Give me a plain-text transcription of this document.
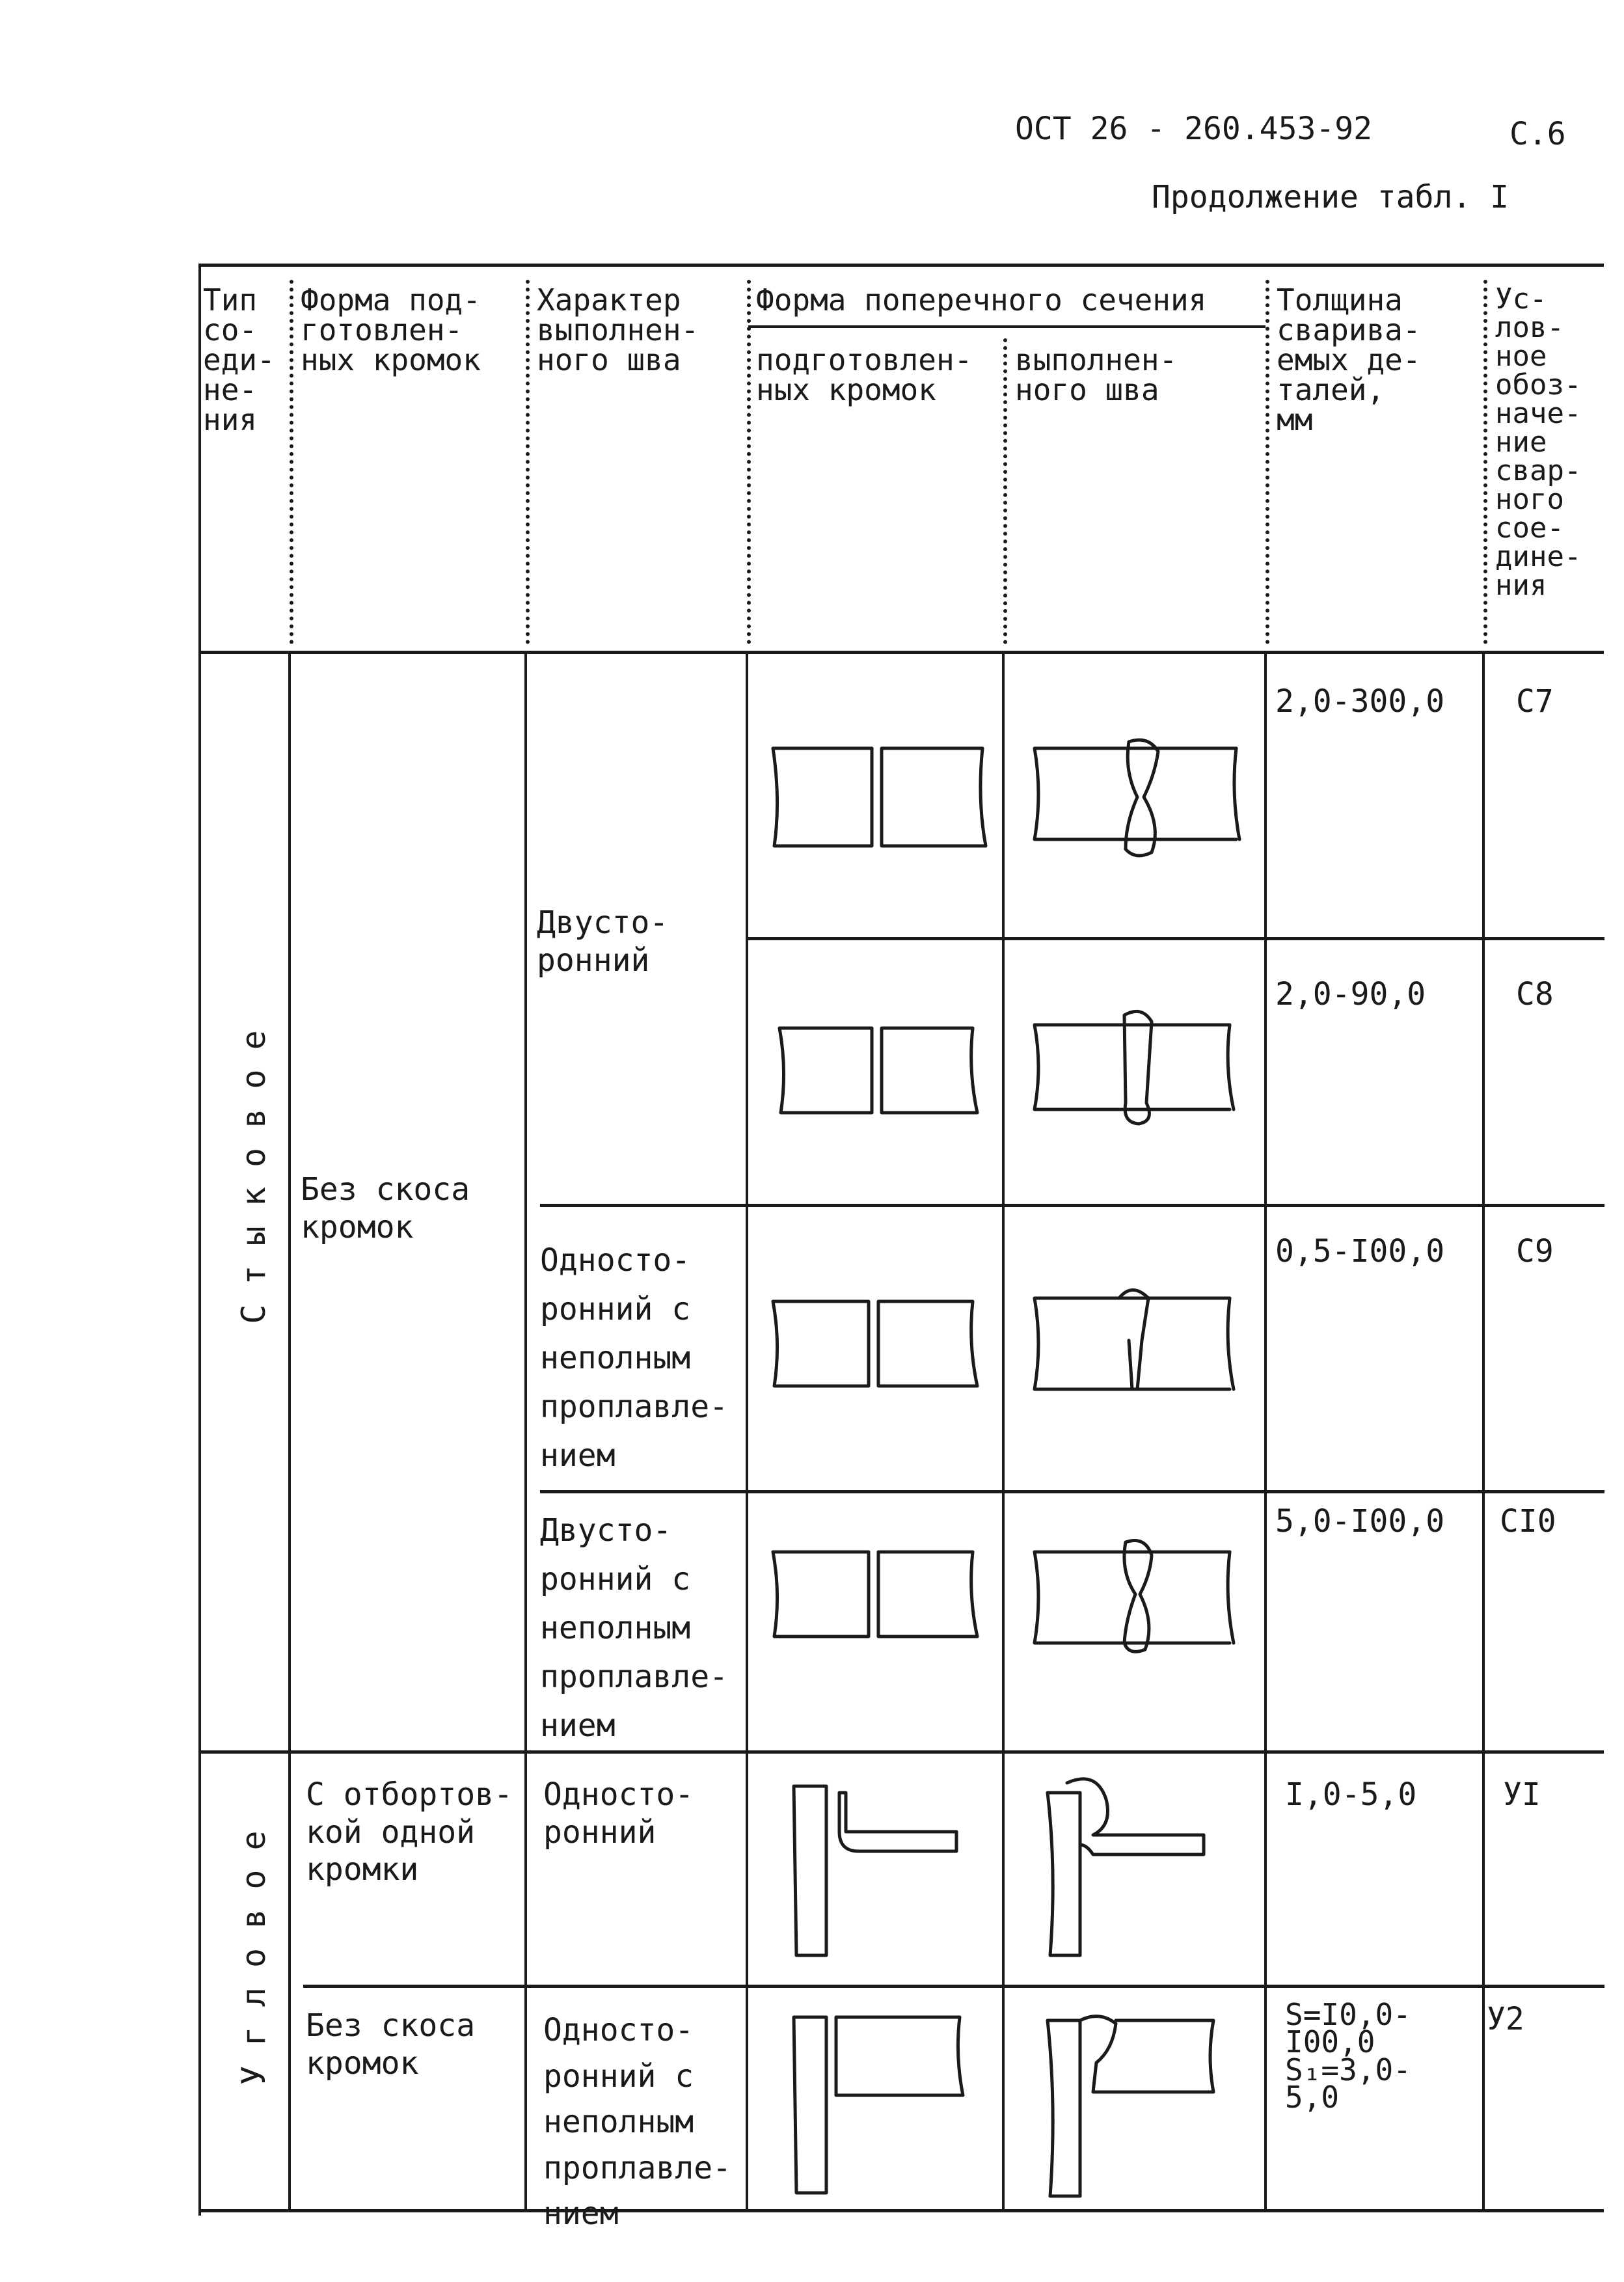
ОСТ 26 - 260.453-92	С.6
Продолжение табл. I
Тип
со-
еди-
не-
ния
Форма под-
готовлен-
ных кромок
Характер
выполнен-
ного шва
Форма поперечного сечения
подготовлен-
ных кромок
выполнен-
ного шва
Толщина
сварива-
емых де-
талей,
мм
Ус-
лов-
ное
обоз-
наче-
ние
свар-
ного
сое-
дине-
ния
С т ы к о в о е
У г л о в о е
Без скоса
кромок
С отбортов-
кой одной
кромки
Без скоса
кромок
Двусто-
ронний
Односто-
ронний с
неполным
проплавле-
нием
Двусто-
ронний с
неполным
проплавле-
нием
Односто-
ронний
Односто-
ронний с
неполным
проплавле-
нием
2,0-300,0
2,0-90,0
0,5-I00,0
5,0-I00,0
I,0-5,0
S=I0,0-
I00,0
S₁=3,0-
5,0
С7
С8
С9
СI0
УI
У2
